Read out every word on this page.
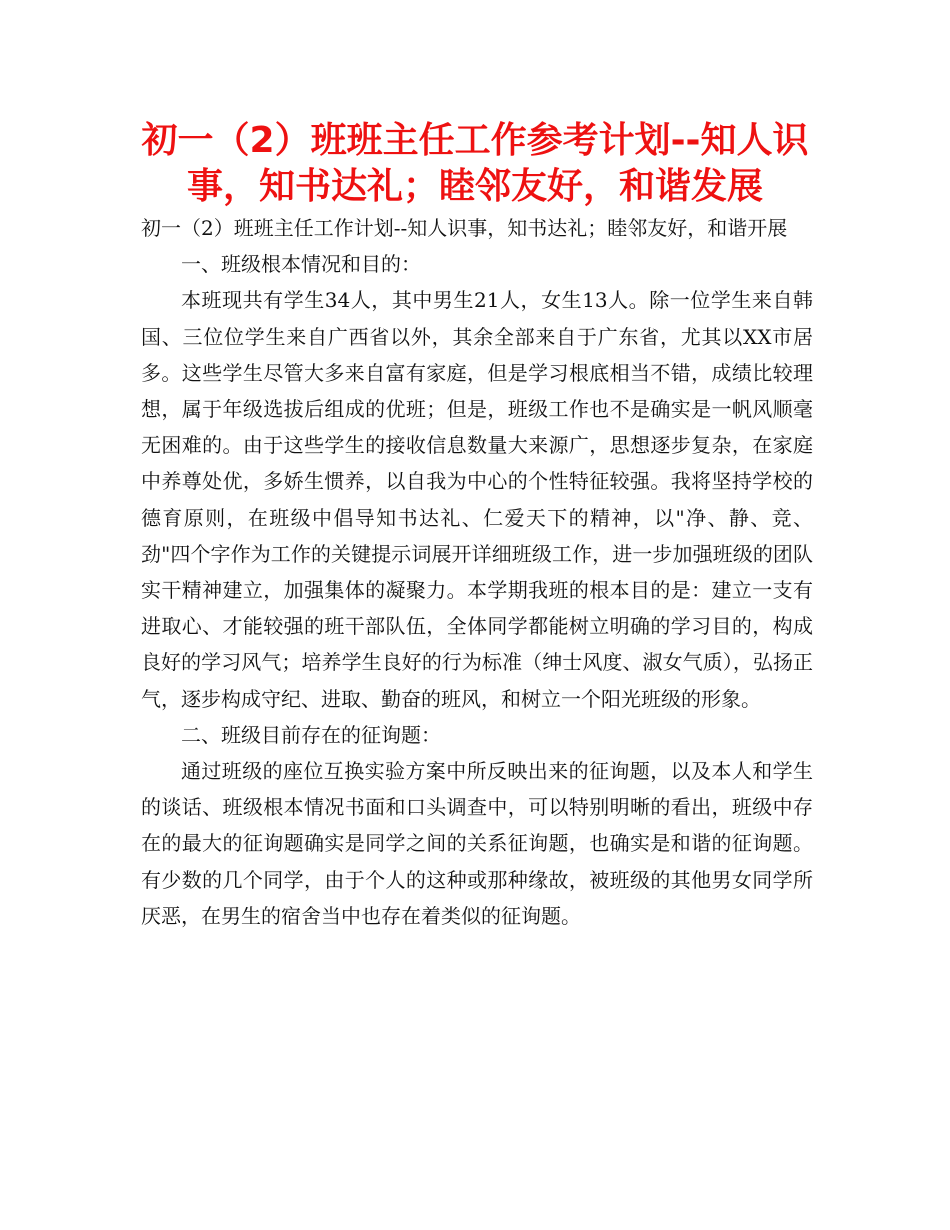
初一（2）班班主任工作参考计划--知人识事，知书达礼；睦邻友好，和谐发展

初一（2）班班主任工作计划--知人识事，知书达礼；睦邻友好，和谐开展

一、班级根本情况和目的：

本班现共有学生34人，其中男生21人，女生13人。除一位学生来自韩国、三位位学生来自广西省以外，其余全部来自于广东省，尤其以XX市居多。这些学生尽管大多来自富有家庭，但是学习根底相当不错，成绩比较理想，属于年级选拔后组成的优班；但是，班级工作也不是确实是一帆风顺毫无困难的。由于这些学生的接收信息数量大来源广，思想逐步复杂，在家庭中养尊处优，多娇生惯养，以自我为中心的个性特征较强。我将坚持学校的德育原则，在班级中倡导知书达礼、仁爱天下的精神，以"净、静、竞、劲"四个字作为工作的关键提示词展开详细班级工作，进一步加强班级的团队实干精神建立，加强集体的凝聚力。本学期我班的根本目的是：建立一支有进取心、才能较强的班干部队伍，全体同学都能树立明确的学习目的，构成良好的学习风气；培养学生良好的行为标准（绅士风度、淑女气质），弘扬正气，逐步构成守纪、进取、勤奋的班风，和树立一个阳光班级的形象。

二、班级目前存在的征询题：

通过班级的座位互换实验方案中所反映出来的征询题，以及本人和学生的谈话、班级根本情况书面和口头调查中，可以特别明晰的看出，班级中存在的最大的征询题确实是同学之间的关系征询题，也确实是和谐的征询题。有少数的几个同学，由于个人的这种或那种缘故，被班级的其他男女同学所厌恶，在男生的宿舍当中也存在着类似的征询题。
